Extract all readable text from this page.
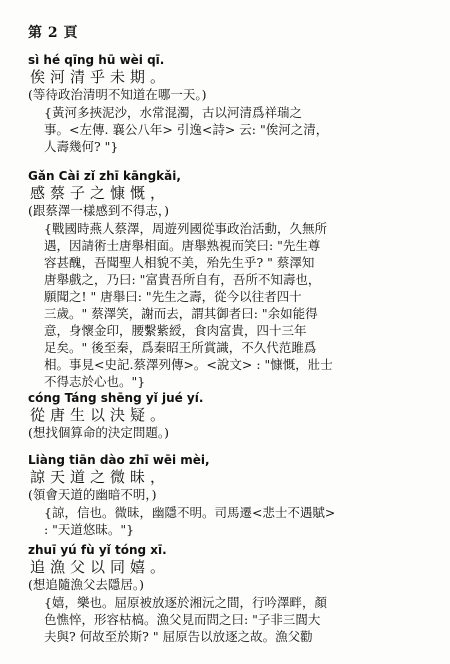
第 2 頁
sì hé qīng hū wèi qī.
俟河清乎未期。
(等待政治清明不知道在哪一天。)
{黃河多挾泥沙，水常混濁，古以河清爲祥瑞之
事。<左傳. 襄公八年> 引逸<詩> 云: "俟河之清，
人壽幾何? "}
Gǎn Cài zǐ zhī kāngkǎi,
感蔡子之慷慨，
(跟蔡澤一樣感到不得志，)
{戰國時燕人蔡澤，周遊列國從事政治活動，久無所
遇，因請術士唐舉相面。唐舉熟視而笑曰: "先生尊
容甚醜，吾聞聖人相貌不美，殆先生乎? " 蔡澤知
唐舉戲之，乃曰: "富貴吾所自有，吾所不知壽也，
願聞之! " 唐舉曰: "先生之壽，從今以往者四十
三歲。" 蔡澤笑，謝而去，謂其御者曰: "余如能得
意，身懷金印，腰繫紫綬，食肉富貴，四十三年
足矣。" 後至秦，爲秦昭王所賞識，不久代范雎爲
相。事見<史記.蔡澤列傳>。<說文> : "慷慨，壯士
不得志於心也。"}
cóng Táng shēng yǐ jué yí.
從唐生以決疑。
(想找個算命的決定問題。)
Liàng tiān dào zhī wēi mèi,
諒天道之微昧，
(領會天道的幽暗不明，)
{諒，信也。微昧，幽隱不明。司馬遷<悲士不遇賦>
: "天道悠昧。"}
zhuī yú fù yǐ tóng xī.
追漁父以同嬉。
(想追隨漁父去隱居。)
{嬉，樂也。屈原被放逐於湘沅之間，行吟澤畔，顏
色憔悴，形容枯槁。漁父見而問之曰: "子非三閭大
夫與? 何故至於斯? " 屈原告以放逐之故。漁父勸
